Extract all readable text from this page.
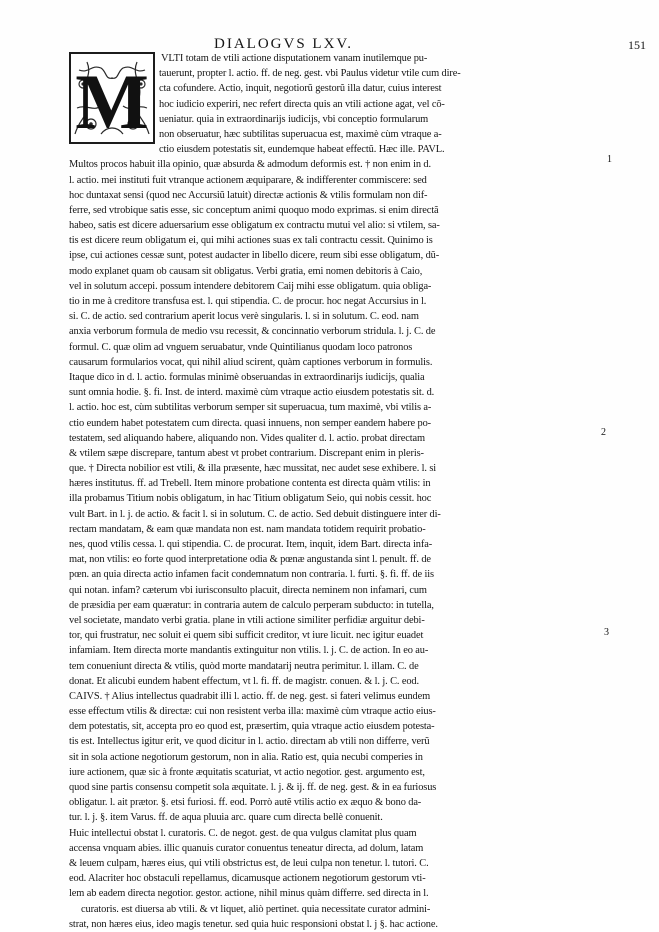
DIALOGVS LXV.	151
VLTI totam de vtili actione disputationem vanam inutilemque pu-
tauerunt, propter l. actio. ff. de neg. gest. vbi Paulus videtur vtile cum dire-
cta cofundere. Actio, inquit, negotiorũ gestorũ illa datur, cuius interest
hoc iudicio experiri, nec refert directa quis an vtili actione agat, vel cõ-
ueniatur. quia in extraordinarijs iudicijs, vbi conceptio formularum
non obseruatur, hæc subtilitas superuacua est, maximè cùm vtraque a-
ctio eiusdem potestatis sit, eundemque habeat effectũ. Hæc ille. PAVL.
Multos procos habuit illa opinio, quæ absurda & admodum deformis est. † non enim in d.
l. actio. mei instituti fuit vtranque actionem æquiparare, & indifferenter commiscere: sed
hoc duntaxat sensi (quod nec Accursiũ latuit) directæ actionis & vtilis formulam non dif-
ferre, sed vtrobique satis esse, sic conceptum animi quoquo modo exprimas. si enim directã
habeo, satis est dicere aduersarium esse obligatum ex contractu mutui vel alio: si vtilem, sa-
tis est dicere reum obligatum ei, qui mihi actiones suas ex tali contractu cessit. Quinimo is
ipse, cui actiones cessæ sunt, potest audacter in libello dicere, reum sibi esse obligatum, dũ-
modo explanet quam ob causam sit obligatus. Verbi gratia, emi nomen debitoris à Caio,
vel in solutum accepi. possum intendere debitorem Caij mihi esse obligatum. quia obliga-
tio in me à creditore transfusa est. l. qui stipendia. C. de procur. hoc negat Accursius in l.
si. C. de actio. sed contrarium aperit locus verè singularis. l. si in solutum. C. eod. nam
anxia verborum formula de medio vsu recessit, & concinnatio verborum stridula. l. j. C. de
formul. C. quæ olim ad vnguem seruabatur, vnde Quintilianus quodam loco patronos
causarum formularios vocat, qui nihil aliud scirent, quàm captiones verborum in formulis.
Itaque dico in d. l. actio. formulas minimè obseruandas in extraordinarijs iudicijs, qualia
sunt omnia hodie. §. fi. Inst. de interd. maximè cùm vtraque actio eiusdem potestatis sit. d.
l. actio. hoc est, cùm subtilitas verborum semper sit superuacua, tum maximè, vbi vtilis a-
ctio eundem habet potestatem cum directa. quasi innuens, non semper eandem habere po-
testatem, sed aliquando habere, aliquando non. Vides qualiter d. l. actio. probat directam
& vtilem sæpe discrepare, tantum abest vt probet contrarium. Discrepant enim in pleris-
que. † Directa nobilior est vtili, & illa præsente, hæc mussitat, nec audet sese exhibere. l. si
hæres institutus. ff. ad Trebell. Item minore probatione contenta est directa quàm vtilis: in
illa probamus Titium nobis obligatum, in hac Titium obligatum Seio, qui nobis cessit. hoc
vult Bart. in l. j. de actio. & facit l. si in solutum. C. de actio. Sed debuit distinguere inter di-
rectam mandatam, & eam quæ mandata non est. nam mandata totidem requirit probatio-
nes, quod vtilis cessa. l. qui stipendia. C. de procurat. Item, inquit, idem Bart. directa infa-
mat, non vtilis: eo forte quod interpretatione odia & pœnæ angustanda sint l. penult. ff. de
pœn. an quia directa actio infamen facit condemnatum non contraria. l. furti. §. fi. ff. de iis
qui notan. infam? cæterum vbi iurisconsulto placuit, directa neminem non infamari, cum
de præsidia per eam quæratur: in contraria autem de calculo perperam subducto: in tutella,
vel societate, mandato verbi gratia. plane in vtili actione similiter perfidiæ arguitur debi-
tor, qui frustratur, nec soluit ei quem sibi sufficit creditor, vt iure licuit. nec igitur euadet
infamiam. Item directa morte mandantis extinguitur non vtilis. l. j. C. de action. In eo au-
tem conueniunt directa & vtilis, quòd morte mandatarij neutra perimitur. l. illam. C. de
donat. Et alicubi eundem habent effectum, vt l. fi. ff. de magistr. conuen. & l. j. C. eod.
CAIVS. † Alius intellectus quadrabit illi l. actio. ff. de neg. gest. si fateri velimus eundem
esse effectum vtilis & directæ: cui non resistent verba illa: maximè cùm vtraque actio eius-
dem potestatis, sit, accepta pro eo quod est, præsertim, quia vtraque actio eiusdem potesta-
tis est. Intellectus igitur erit, ve quod dicitur in l. actio. directam ab vtili non differre, verũ
sit in sola actione negotiorum gestorum, non in alia. Ratio est, quia necubi comperies in
iure actionem, quæ sic à fronte æquitatis scaturiat, vt actio negotior. gest. argumento est,
quod sine partis consensu competit sola æquitate. l. j. & ij. ff. de neg. gest. & in ea furiosus
obligatur. l. ait prætor. §. etsi furiosi. ff. eod. Porrò autẽ vtilis actio ex æquo & bono da-
tur. l. j. §. item Varus. ff. de aqua pluuia arc. quare cum directa bellè conuenit.
Huic intellectui obstat l. curatoris. C. de negot. gest. de qua vulgus clamitat plus quam
accensa vnquam abies. illic quanuis curator conuentus teneatur directa, ad dolum, latam
& leuem culpam, hæres eius, qui vtili obstrictus est, de leui culpa non tenetur. l. tutori. C.
eod. Alacriter hoc obstaculi repellamus, dicamusque actionem negotiorum gestorum vti-
lem ab eadem directa negotior. gestor. actione, nihil minus quàm differre. sed directa in l.
curatoris. est diuersa ab vtili. & vt liquet, aliò pertinet. quia necessitate curator admini-
strat, non hæres eius, ideo magis tenetur. sed quia huic responsioni obstat l. j §. hac actione.
M
1
2
3
